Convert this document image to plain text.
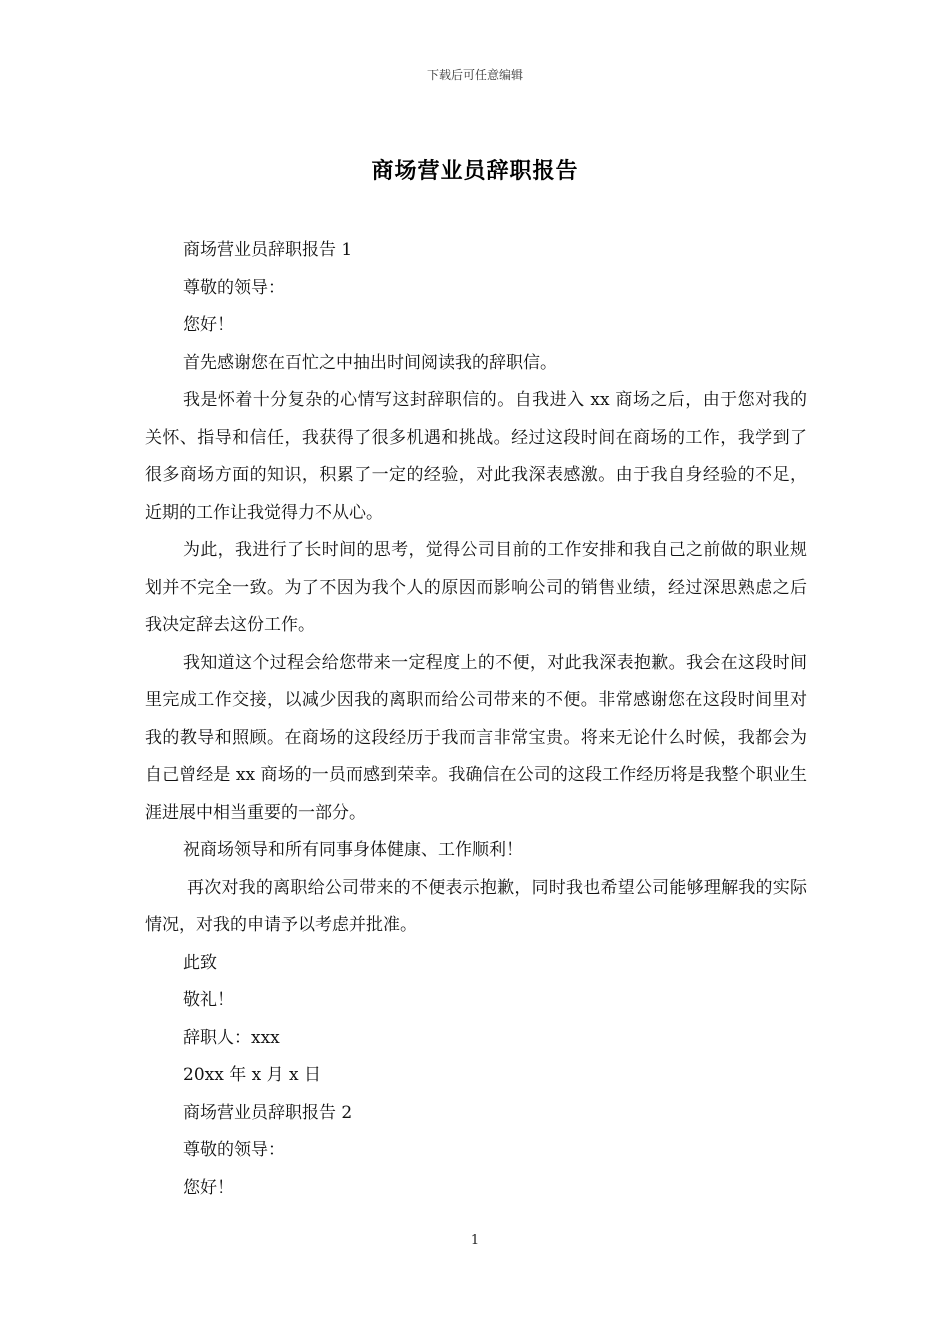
下载后可任意编辑
商场营业员辞职报告

商场营业员辞职报告 1

尊敬的领导：

您好！

首先感谢您在百忙之中抽出时间阅读我的辞职信。

我是怀着十分复杂的心情写这封辞职信的。自我进入 xx 商场之后，由于您对我的关怀、指导和信任，我获得了很多机遇和挑战。经过这段时间在商场的工作，我学到了很多商场方面的知识，积累了一定的经验，对此我深表感激。由于我自身经验的不足，近期的工作让我觉得力不从心。

为此，我进行了长时间的思考，觉得公司目前的工作安排和我自己之前做的职业规划并不完全一致。为了不因为我个人的原因而影响公司的销售业绩，经过深思熟虑之后我决定辞去这份工作。

我知道这个过程会给您带来一定程度上的不便，对此我深表抱歉。我会在这段时间里完成工作交接，以减少因我的离职而给公司带来的不便。非常感谢您在这段时间里对我的教导和照顾。在商场的这段经历于我而言非常宝贵。将来无论什么时候，我都会为自己曾经是 xx 商场的一员而感到荣幸。我确信在公司的这段工作经历将是我整个职业生涯进展中相当重要的一部分。

祝商场领导和所有同事身体健康、工作顺利！

再次对我的离职给公司带来的不便表示抱歉，同时我也希望公司能够理解我的实际情况，对我的申请予以考虑并批准。

此致

敬礼！

辞职人：xxx

20xx 年 x 月 x 日

商场营业员辞职报告 2

尊敬的领导：

您好！

1
